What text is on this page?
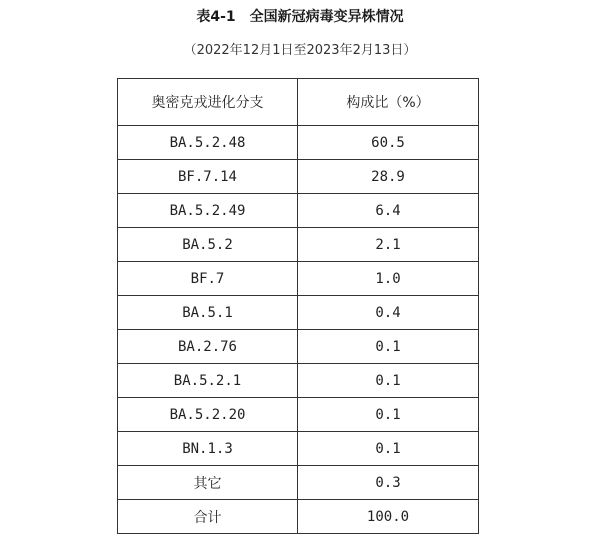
表4-1　全国新冠病毒变异株情况
（2022年12月1日至2023年2月13日）
奥密克戎进化分支	构成比（%）
BA.5.2.48	60.5
BF.7.14	28.9
BA.5.2.49	6.4
BA.5.2	2.1
BF.7	1.0
BA.5.1	0.4
BA.2.76	0.1
BA.5.2.1	0.1
BA.5.2.20	0.1
BN.1.3	0.1
其它	0.3
合计	100.0
